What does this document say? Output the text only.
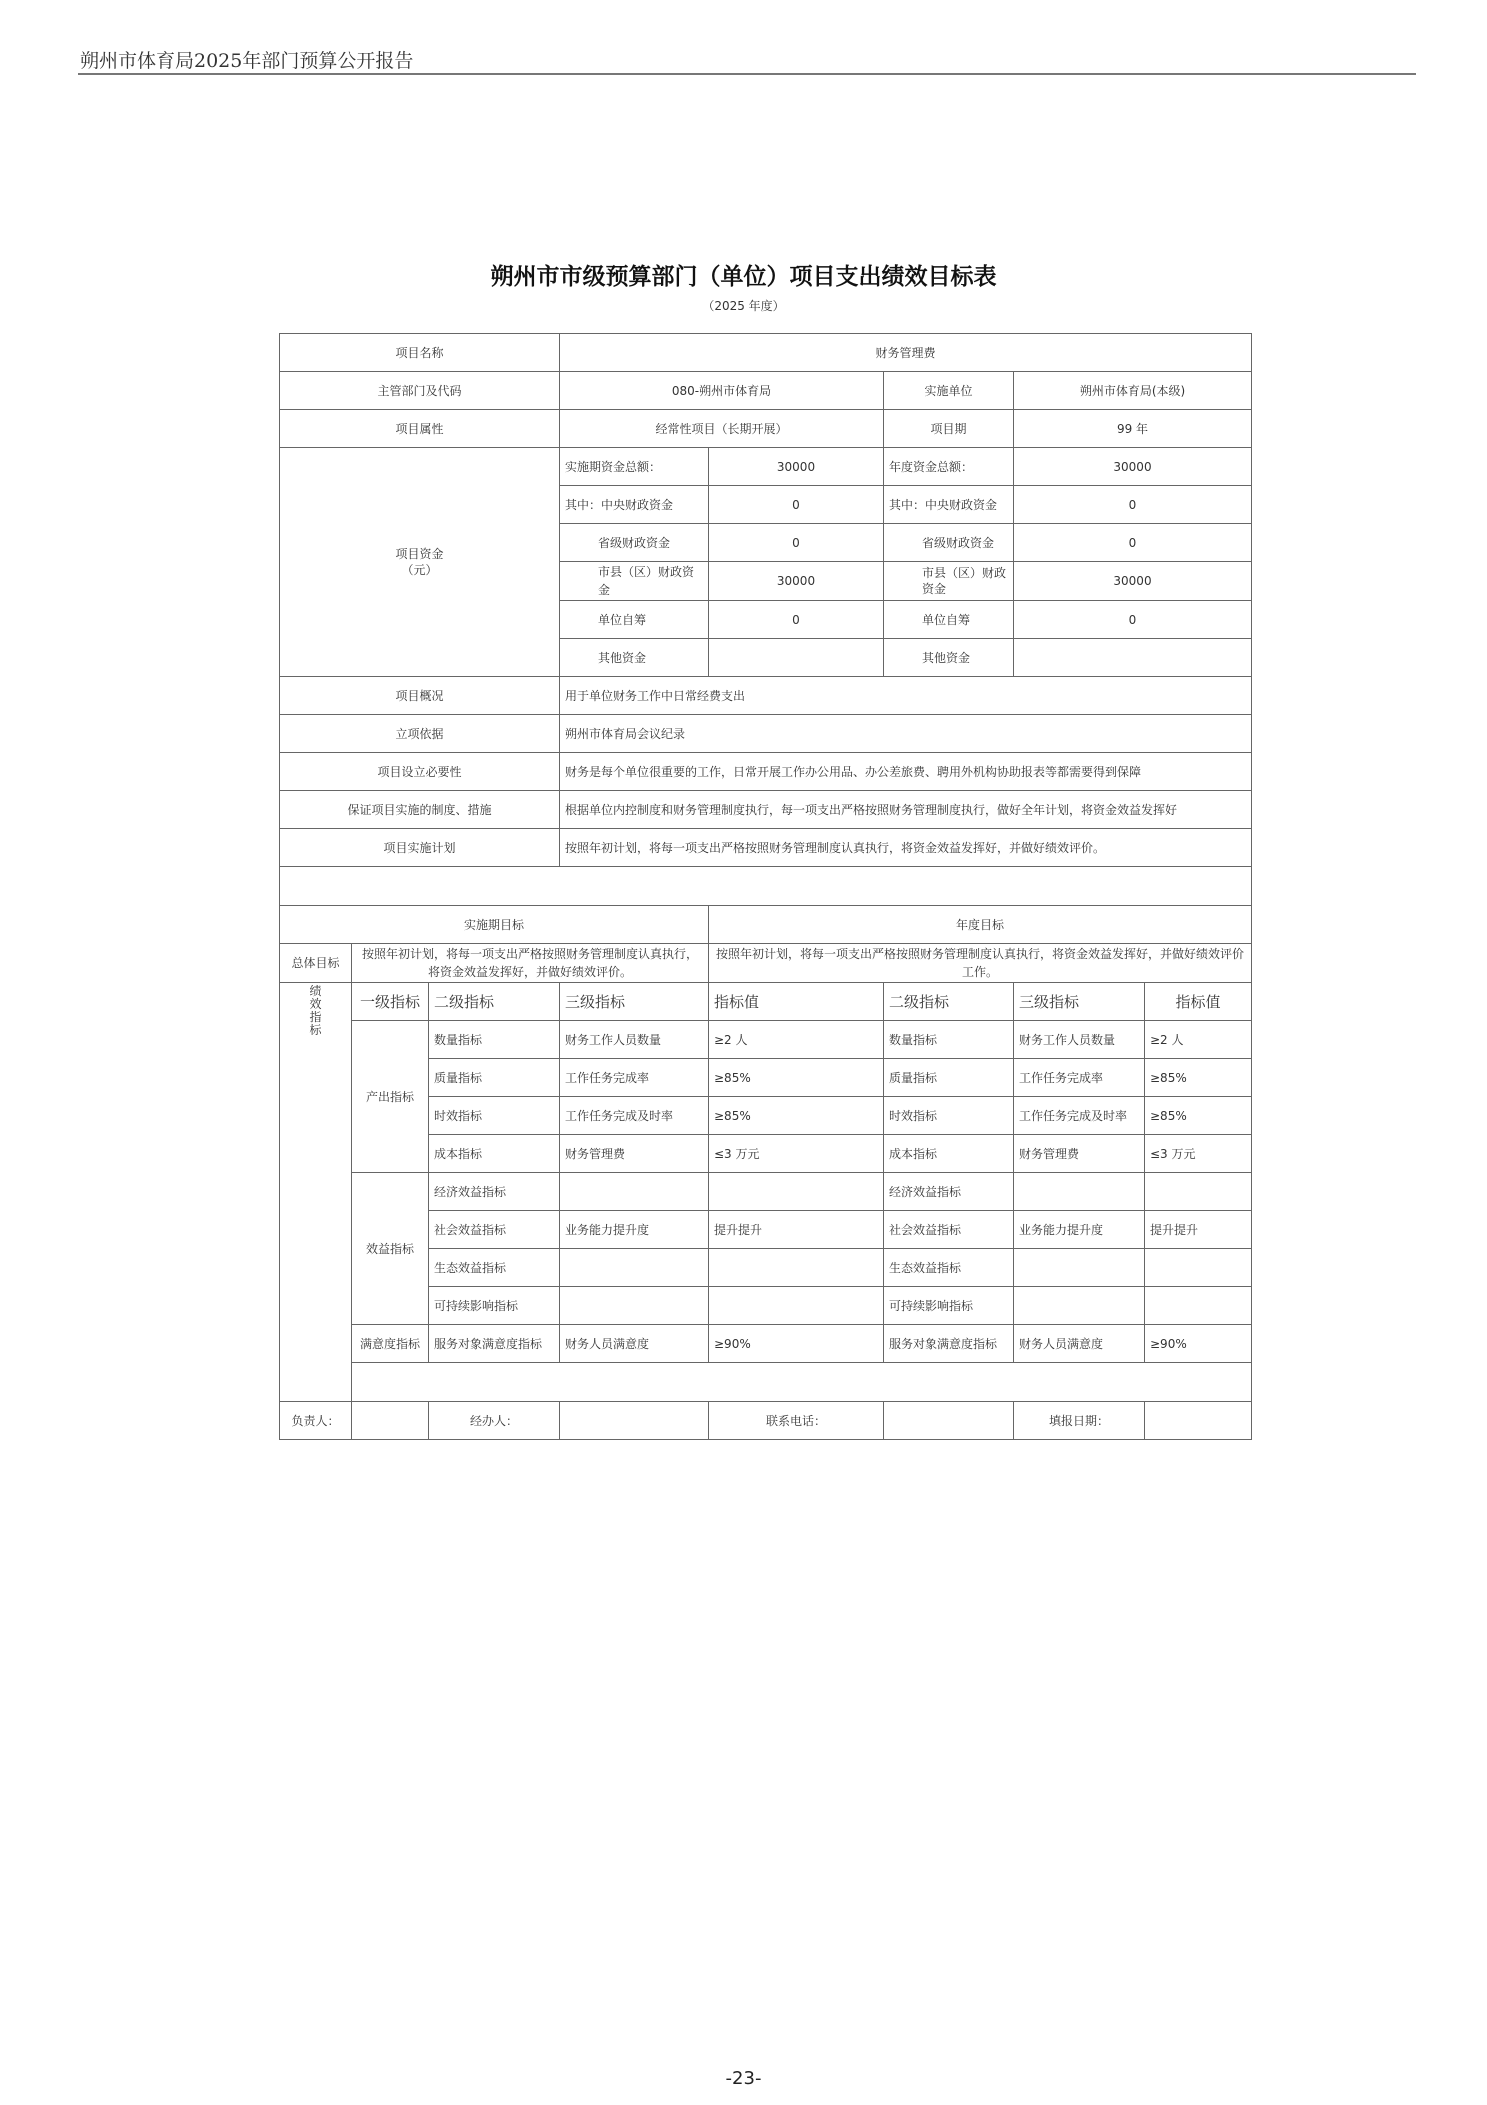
朔州市体育局2025年部门预算公开报告
朔州市市级预算部门（单位）项目支出绩效目标表
（2025 年度）
项目名称			财务管理费				
主管部门及代码			080-朔州市体育局		实施单位	朔州市体育局(本级)	
项目属性			经常性项目（长期开展）		项目期	99 年	
项目资金
（元）			实施期资金总额：	30000	年度资金总额：	30000	
			其中：中央财政资金	0	其中：中央财政资金	0	
			省级财政资金	0	省级财政资金	0	
			市县（区）财政资金	30000	市县（区）财政资金	30000	
			单位自筹	0	单位自筹	0	
			其他资金		其他资金		
项目概况			用于单位财务工作中日常经费支出				
立项依据			朔州市体育局会议纪录				
项目设立必要性			财务是每个单位很重要的工作，日常开展工作办公用品、办公差旅费、聘用外机构协助报表等都需要得到保障				
保证项目实施的制度、措施			根据单位内控制度和财务管理制度执行，每一项支出严格按照财务管理制度执行，做好全年计划，将资金效益发挥好				
项目实施计划			按照年初计划，将每一项支出严格按照财务管理制度认真执行，将资金效益发挥好，并做好绩效评价。				

实施期目标				年度目标			
总体目标	按照年初计划，将每一项支出严格按照财务管理制度认真执行，将资金效益发挥好，并做好绩效评价。			按照年初计划，将每一项支出严格按照财务管理制度认真执行，将资金效益发挥好，并做好绩效评价工作。			
绩效指标	一级指标	二级指标	三级指标	指标值	二级指标	三级指标	指标值
	产出指标	数量指标	财务工作人员数量	≥2 人	数量指标	财务工作人员数量	≥2 人
		质量指标	工作任务完成率	≥85%	质量指标	工作任务完成率	≥85%
		时效指标	工作任务完成及时率	≥85%	时效指标	工作任务完成及时率	≥85%
		成本指标	财务管理费	≤3 万元	成本指标	财务管理费	≤3 万元
	效益指标	经济效益指标			经济效益指标		
		社会效益指标	业务能力提升度	提升提升	社会效益指标	业务能力提升度	提升提升
		生态效益指标			生态效益指标		
		可持续影响指标			可持续影响指标		
	满意度指标	服务对象满意度指标	财务人员满意度	≥90%	服务对象满意度指标	财务人员满意度	≥90%

负责人：		经办人：		联系电话：		填报日期：	
-23-
